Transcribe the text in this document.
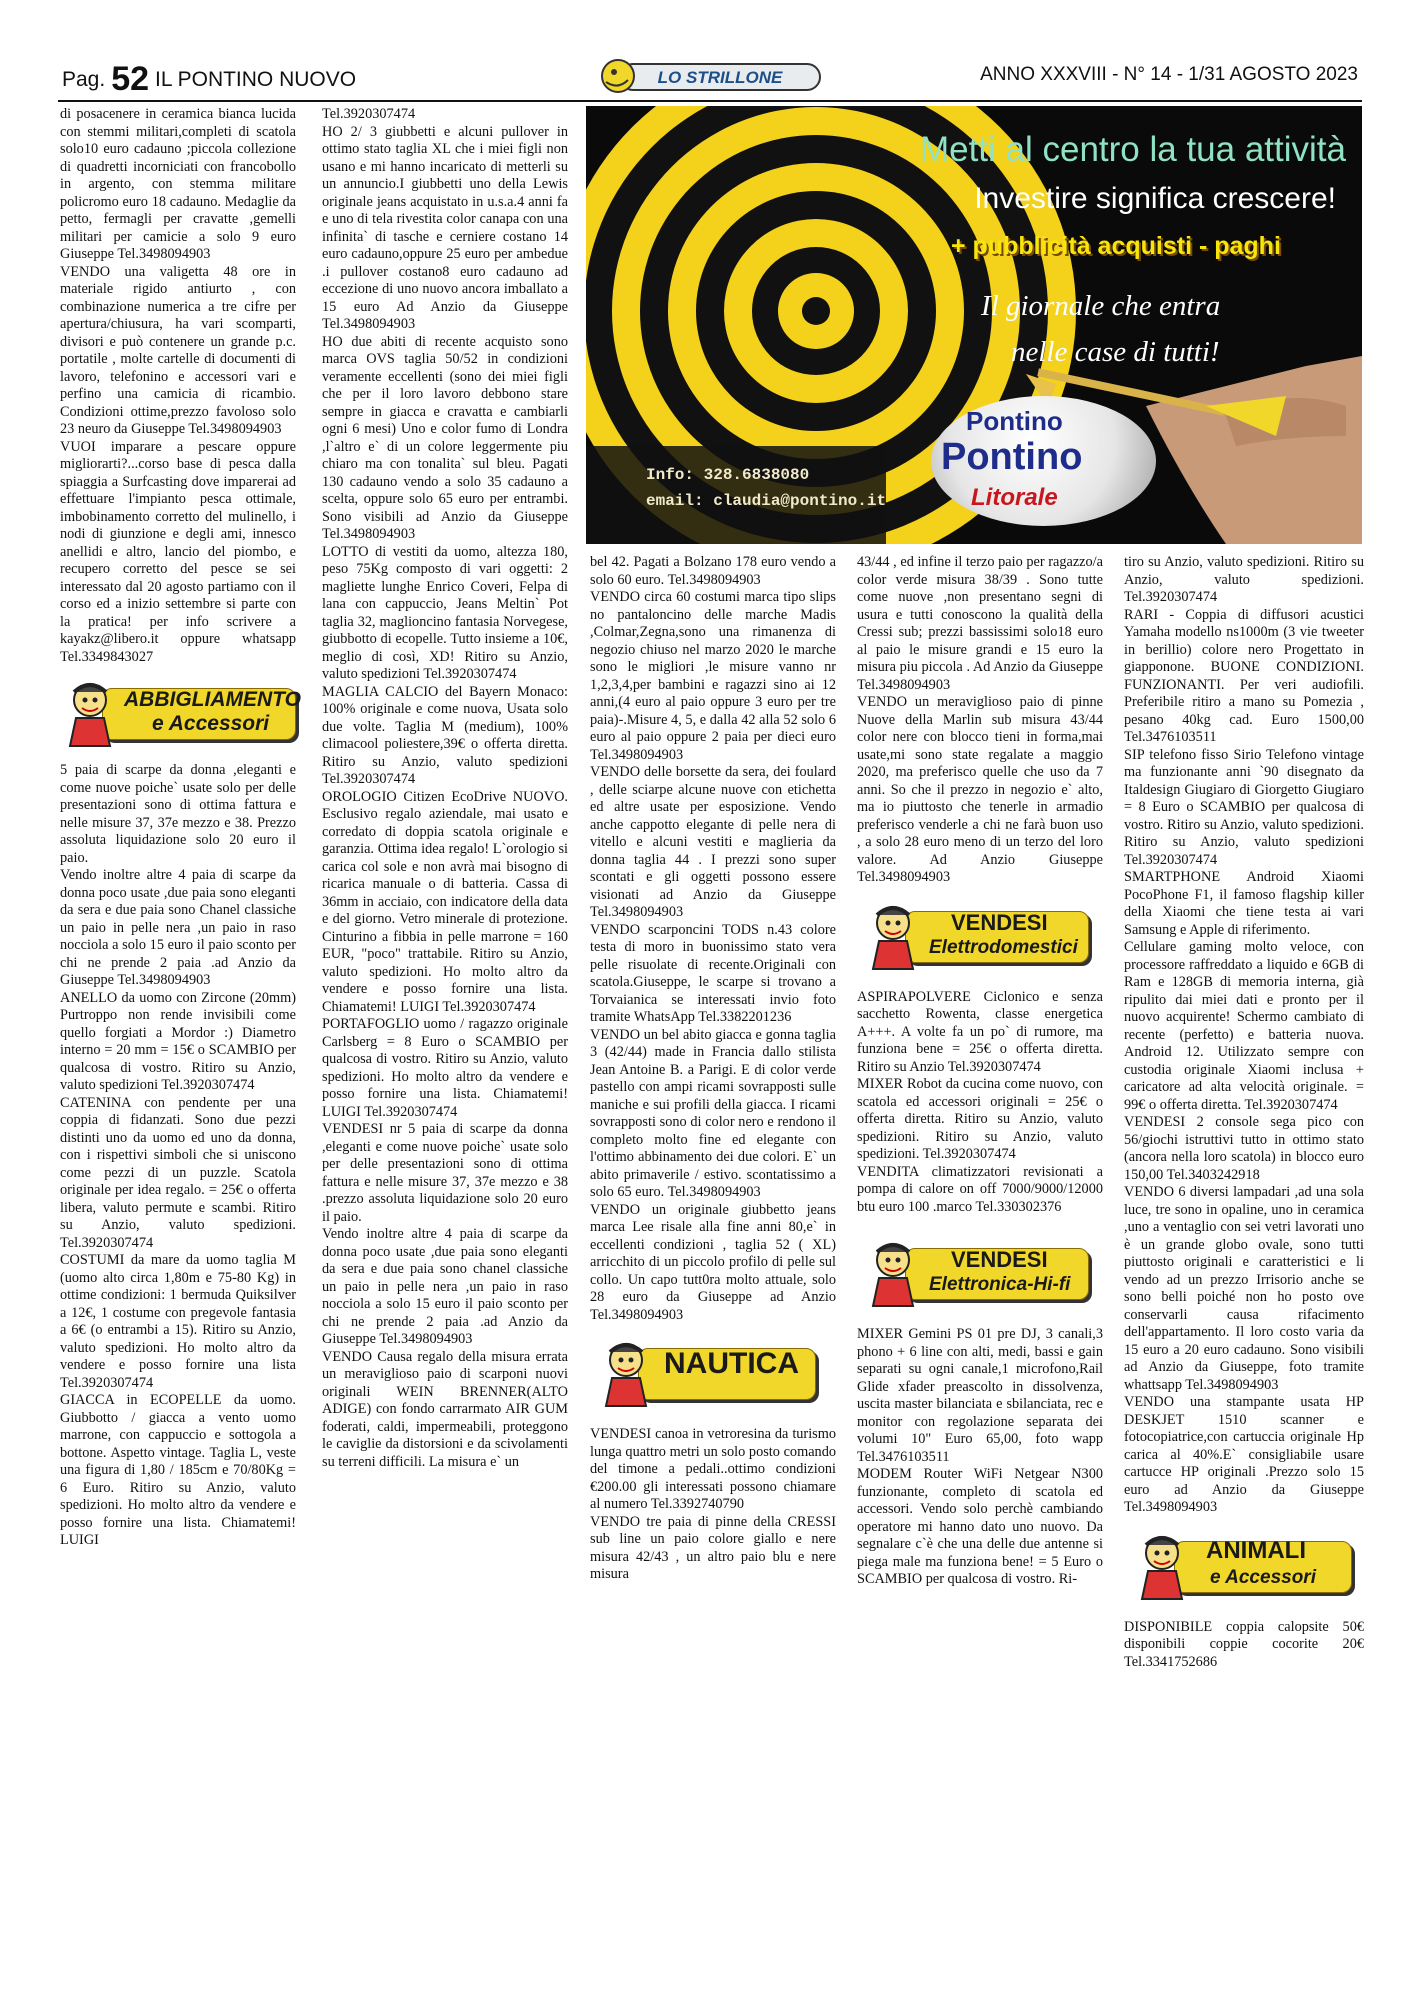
Pag. 52 IL PONTINO NUOVO	LO STRILLONE	ANNO XXXVIII - N° 14 - 1/31 AGOSTO 2023
Metti al centro la tua attività
Investire significa crescere!
+ pubblicità acquisti - paghi
Il giornale che entra
nelle case di tutti!
Pontino
Pontino
Litorale
Info: 328.6838080
email: claudia@pontino.it

di posacenere in ceramica bianca lucida con stemmi militari,completi di scatola solo10 euro cadauno ;piccola collezione di quadretti incorniciati con francobollo in argento, con stemma militare policromo euro 18 cadauno. Medaglie da petto, fermagli per cravatte ,gemelli militari per camicie a solo 9 euro Giuseppe Tel.3498094903

VENDO una valigetta 48 ore in materiale rigido antiurto , con combinazione numerica a tre cifre per apertura/chiusura, ha vari scomparti, divisori e può contenere un grande p.c. portatile , molte cartelle di documenti di lavoro, telefonino e accessori vari e perfino una camicia di ricambio. Condizioni ottime,prezzo favoloso solo 23 neuro da Giuseppe Tel.3498094903

VUOI imparare a pescare oppure migliorarti?...corso base di pesca dalla spiaggia a Surfcasting dove imparerai ad effettuare l'impianto pesca ottimale, imbobinamento corretto del mulinello, i nodi di giunzione e degli ami, innesco anellidi e altro, lancio del piombo, e recupero corretto del pesce se sei interessato dal 20 agosto partiamo con il corso ed a inizio settembre si parte con la pratica! per info scrivere a kayakz@libero.it oppure whatsapp Tel.3349843027

ABBIGLIAMENTO
e Accessori

5 paia di scarpe da donna ,eleganti e come nuove poiche` usate solo per delle presentazioni sono di ottima fattura e nelle misure 37, 37e mezzo e 38. Prezzo assoluta liquidazione solo 20 euro il paio.

Vendo inoltre altre 4 paia di scarpe da donna poco usate ,due paia sono eleganti da sera e due paia sono Chanel classiche un paio in pelle nera ,un paio in raso nocciola a solo 15 euro il paio sconto per chi ne prende 2 paia .ad Anzio da Giuseppe Tel.3498094903

ANELLO da uomo con Zircone (20mm) Purtroppo non rende invisibili come quello forgiati a Mordor :) Diametro interno = 20 mm = 15€ o SCAMBIO per qualcosa di vostro. Ritiro su Anzio, valuto spedizioni Tel.3920307474

CATENINA con pendente per una coppia di fidanzati. Sono due pezzi distinti uno da uomo ed uno da donna, con i rispettivi simboli che si uniscono come pezzi di un puzzle. Scatola originale per idea regalo. = 25€ o offerta libera, valuto permute e scambi. Ritiro su Anzio, valuto spedizioni. Tel.3920307474

COSTUMI da mare da uomo taglia M (uomo alto circa 1,80m e 75-80 Kg) in ottime condizioni: 1 bermuda Quiksilver a 12€, 1 costume con pregevole fantasia a 6€ (o entrambi a 15). Ritiro su Anzio, valuto spedizioni. Ho molto altro da vendere e posso fornire una lista Tel.3920307474

GIACCA in ECOPELLE da uomo. Giubbotto / giacca a vento uomo marrone, con cappuccio e sottogola a bottone. Aspetto vintage. Taglia L, veste una figura di 1,80 / 185cm e 70/80Kg = 6 Euro. Ritiro su Anzio, valuto spedizioni. Ho molto altro da vendere e posso fornire una lista. Chiamatemi! LUIGI

Tel.3920307474

HO 2/ 3 giubbetti e alcuni pullover in ottimo stato taglia XL che i miei figli non usano e mi hanno incaricato di metterli su un annuncio.I giubbetti uno della Lewis originale jeans acquistato in u.s.a.4 anni fa e uno di tela rivestita color canapa con una infinita` di tasche e cerniere costano 14 euro cadauno,oppure 25 euro per ambedue .i pullover costano8 euro cadauno ad eccezione di uno nuovo ancora imballato a 15 euro Ad Anzio da Giuseppe Tel.3498094903

HO due abiti di recente acquisto sono marca OVS taglia 50/52 in condizioni veramente eccellenti (sono dei miei figli che per il loro lavoro debbono stare sempre in giacca e cravatta e cambiarli ogni 6 mesi) Uno e color fumo di Londra ,l`altro e` di un colore leggermente piu chiaro ma con tonalita` sul bleu. Pagati 130 cadauno vendo a solo 35 cadauno a scelta, oppure solo 65 euro per entrambi. Sono visibili ad Anzio da Giuseppe Tel.3498094903

LOTTO di vestiti da uomo, altezza 180, peso 75Kg composto di vari oggetti: 2 magliette lunghe Enrico Coveri, Felpa di lana con cappuccio, Jeans Meltin` Pot taglia 32, maglioncino fantasia Norvegese, giubbotto di ecopelle. Tutto insieme a 10€, meglio di così, XD! Ritiro su Anzio, valuto spedizioni Tel.3920307474

MAGLIA CALCIO del Bayern Monaco: 100% originale e come nuova, Usata solo due volte. Taglia M (medium), 100% climacool poliestere,39€ o offerta diretta. Ritiro su Anzio, valuto spedizioni Tel.3920307474

OROLOGIO Citizen EcoDrive NUOVO. Esclusivo regalo aziendale, mai usato e corredato di doppia scatola originale e garanzia. Ottima idea regalo! L`orologio si carica col sole e non avrà mai bisogno di ricarica manuale o di batteria. Cassa di 36mm in acciaio, con indicatore della data e del giorno. Vetro minerale di protezione. Cinturino a fibbia in pelle marrone = 160 EUR, "poco" trattabile. Ritiro su Anzio, valuto spedizioni. Ho molto altro da vendere e posso fornire una lista. Chiamatemi! LUIGI Tel.3920307474

PORTAFOGLIO uomo / ragazzo originale Carlsberg = 8 Euro o SCAMBIO per qualcosa di vostro. Ritiro su Anzio, valuto spedizioni. Ho molto altro da vendere e posso fornire una lista. Chiamatemi! LUIGI Tel.3920307474

VENDESI nr 5 paia di scarpe da donna ,eleganti e come nuove poiche` usate solo per delle presentazioni sono di ottima fattura e nelle misure 37, 37e mezzo e 38 .prezzo assoluta liquidazione solo 20 euro il paio.

Vendo inoltre altre 4 paia di scarpe da donna poco usate ,due paia sono eleganti da sera e due paia sono chanel classiche un paio in pelle nera ,un paio in raso nocciola a solo 15 euro il paio sconto per chi ne prende 2 paia .ad Anzio da Giuseppe Tel.3498094903

VENDO Causa regalo della misura errata un meraviglioso paio di scarponi nuovi originali WEIN BRENNER(ALTO ADIGE) con fondo carrarmato AIR GUM foderati, caldi, impermeabili, proteggono le caviglie da distorsioni e da scivolamenti su terreni difficili. La misura e` un

bel 42. Pagati a Bolzano 178 euro vendo a solo 60 euro. Tel.3498094903

VENDO circa 60 costumi marca tipo slips no pantaloncino delle marche Madis ,Colmar,Zegna,sono una rimanenza di negozio chiuso nel marzo 2020 le marche sono le migliori ,le misure vanno nr 1,2,3,4,per bambini e ragazzi sino ai 12 anni,(4 euro al paio oppure 3 euro per tre paia)-.Misure 4, 5, e dalla 42 alla 52 solo 6 euro al paio oppure 2 paia per dieci euro Tel.3498094903

VENDO delle borsette da sera, dei foulard , delle sciarpe alcune nuove con etichetta ed altre usate per esposizione. Vendo anche cappotto elegante di pelle nera di vitello e alcuni vestiti e maglieria da donna taglia 44 . I prezzi sono super scontati e gli oggetti possono essere visionati ad Anzio da Giuseppe Tel.3498094903

VENDO scarponcini TODS n.43 colore testa di moro in buonissimo stato vera pelle risuolate di recente.Originali con scatola.Giuseppe, le scarpe si trovano a Torvaianica se interessati invio foto tramite WhatsApp Tel.3382201236

VENDO un bel abito giacca e gonna taglia 3 (42/44) made in Francia dallo stilista Jean Antoine B. a Parigi. E di color verde pastello con ampi ricami sovrapposti sulle maniche e sui profili della giacca. I ricami sovrapposti sono di color nero e rendono il completo molto fine ed elegante con l'ottimo abbinamento dei due colori. E` un abito primaverile / estivo. scontatissimo a solo 65 euro. Tel.3498094903

VENDO un originale giubbetto jeans marca Lee risale alla fine anni 80,e` in eccellenti condizioni , taglia 52 ( XL) arricchito di un piccolo profilo di pelle sul collo. Un capo tutt0ra molto attuale, solo 28 euro da Giuseppe ad Anzio Tel.3498094903

NAUTICA

VENDESI canoa in vetroresina da turismo lunga quattro metri un solo posto comando del timone a pedali..ottimo condizioni €200.00 gli interessati possono chiamare al numero Tel.3392740790

VENDO tre paia di pinne della CRESSI sub line un paio colore giallo e nere misura 42/43 , un altro paio blu e nere misura

43/44 , ed infine il terzo paio per ragazzo/a color verde misura 38/39 . Sono tutte come nuove ,non presentano segni di usura e tutti conoscono la qualità della Cressi sub; prezzi bassissimi solo18 euro al paio le misure grandi e 15 euro la misura piu piccola . Ad Anzio da Giuseppe Tel.3498094903

VENDO un meraviglioso paio di pinne Nuove della Marlin sub misura 43/44 color nere con blocco tieni in forma,mai usate,mi sono state regalate a maggio 2020, ma preferisco quelle che uso da 7 anni. So che il prezzo in negozio e` alto, ma io piuttosto che tenerle in armadio preferisco venderle a chi ne farà buon uso , a solo 28 euro meno di un terzo del loro valore. Ad Anzio Giuseppe Tel.3498094903

VENDESI
Elettrodomestici

ASPIRAPOLVERE Ciclonico e senza sacchetto Rowenta, classe energetica A+++. A volte fa un po` di rumore, ma funziona bene = 25€ o offerta diretta. Ritiro su Anzio Tel.3920307474

MIXER Robot da cucina come nuovo, con scatola ed accessori originali = 25€ o offerta diretta. Ritiro su Anzio, valuto spedizioni. Ritiro su Anzio, valuto spedizioni. Tel.3920307474

VENDITA climatizzatori revisionati a pompa di calore on off 7000/9000/12000 btu euro 100 .marco Tel.330302376

VENDESI
Elettronica-Hi-fi

MIXER Gemini PS 01 pre DJ, 3 canali,3 phono + 6 line con alti, medi, bassi e gain separati su ogni canale,1 microfono,Rail Glide xfader preascolto in dissolvenza, uscita master bilanciata e sbilanciata, rec e monitor con regolazione separata dei volumi 10" Euro 65,00, foto wapp Tel.3476103511

MODEM Router WiFi Netgear N300 funzionante, completo di scatola ed accessori. Vendo solo perchè cambiando operatore mi hanno dato uno nuovo. Da segnalare c`è che una delle due antenne si piega male ma funziona bene! = 5 Euro o SCAMBIO per qualcosa di vostro. Ri-

tiro su Anzio, valuto spedizioni. Ritiro su Anzio, valuto spedizioni. Tel.3920307474

RARI - Coppia di diffusori acustici Yamaha modello ns1000m (3 vie tweeter in berillio) colore nero Progettato in giapponone. BUONE CONDIZIONI. FUNZIONANTI. Per veri audiofili. Preferibile ritiro a mano su Pomezia , pesano 40kg cad. Euro 1500,00 Tel.3476103511

SIP telefono fisso Sirio Telefono vintage ma funzionante anni `90 disegnato da Italdesign Giugiaro di Giorgetto Giugiaro = 8 Euro o SCAMBIO per qualcosa di vostro. Ritiro su Anzio, valuto spedizioni. Ritiro su Anzio, valuto spedizioni Tel.3920307474

SMARTPHONE Android Xiaomi PocoPhone F1, il famoso flagship killer della Xiaomi che tiene testa ai vari Samsung e Apple di riferimento.

Cellulare gaming molto veloce, con processore raffreddato a liquido e 6GB di Ram e 128GB di memoria interna, già ripulito dai miei dati e pronto per il nuovo acquirente! Schermo cambiato di recente (perfetto) e batteria nuova. Android 12. Utilizzato sempre con custodia originale Xiaomi inclusa + caricatore ad alta velocità originale. = 99€ o offerta diretta. Tel.3920307474

VENDESI 2 console sega pico con 56/giochi istruttivi tutto in ottimo stato (ancora nella loro scatola) in blocco euro 150,00 Tel.3403242918

VENDO 6 diversi lampadari ,ad una sola luce, tre sono in opaline, uno in ceramica ,uno a ventaglio con sei vetri lavorati uno è un grande globo ovale, sono tutti piuttosto originali e caratteristici e li vendo ad un prezzo Irrisorio anche se sono belli poiché non ho posto ove conservarli causa rifacimento dell'appartamento. Il loro costo varia da 15 euro a 20 euro cadauno. Sono visibili ad Anzio da Giuseppe, foto tramite whattsapp Tel.3498094903

VENDO una stampante usata HP DESKJET 1510 scanner e fotocopiatrice,con cartuccia originale Hp carica al 40%.E` consigliabile usare cartucce HP originali .Prezzo solo 15 euro ad Anzio da Giuseppe Tel.3498094903

ANIMALI
e Accessori

DISPONIBILE coppia calopsite 50€ disponibili coppie cocorite 20€ Tel.3341752686
